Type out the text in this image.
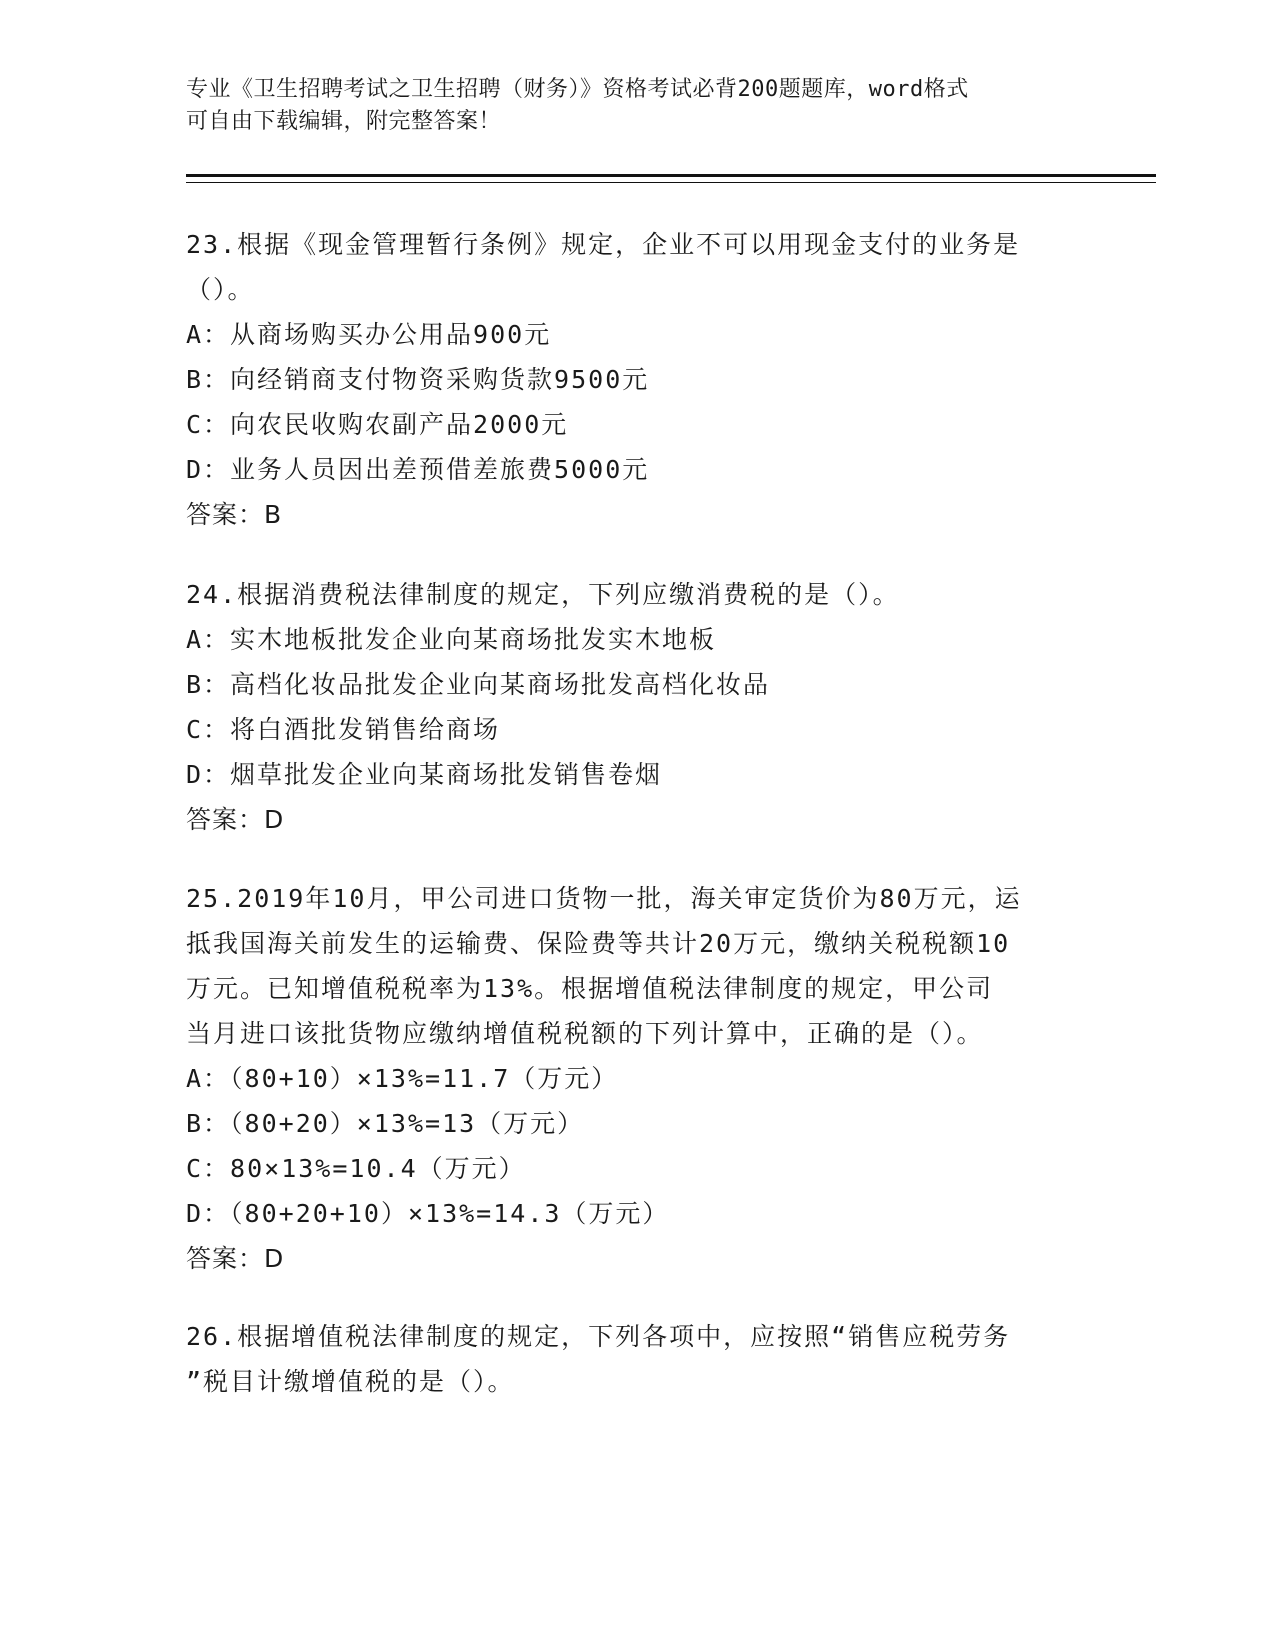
专业《卫生招聘考试之卫生招聘（财务）》资格考试必背200题题库，word格式
可自由下载编辑，附完整答案！

23.根据《现金管理暂行条例》规定，企业不可以用现金支付的业务是

（）。

A：从商场购买办公用品900元

B：向经销商支付物资采购货款9500元

C：向农民收购农副产品2000元

D：业务人员因出差预借差旅费5000元

答案：B

24.根据消费税法律制度的规定，下列应缴消费税的是（）。

A：实木地板批发企业向某商场批发实木地板

B：高档化妆品批发企业向某商场批发高档化妆品

C：将白酒批发销售给商场

D：烟草批发企业向某商场批发销售卷烟

答案：D

25.2019年10月，甲公司进口货物一批，海关审定货价为80万元，运

抵我国海关前发生的运输费、保险费等共计20万元，缴纳关税税额10

万元。已知增值税税率为13%。根据增值税法律制度的规定，甲公司

当月进口该批货物应缴纳增值税税额的下列计算中，正确的是（）。

A：（80+10）×13%=11.7（万元）

B：（80+20）×13%=13（万元）

C：80×13%=10.4（万元）

D：（80+20+10）×13%=14.3（万元）

答案：D

26.根据增值税法律制度的规定，下列各项中，应按照“销售应税劳务

”税目计缴增值税的是（）。
